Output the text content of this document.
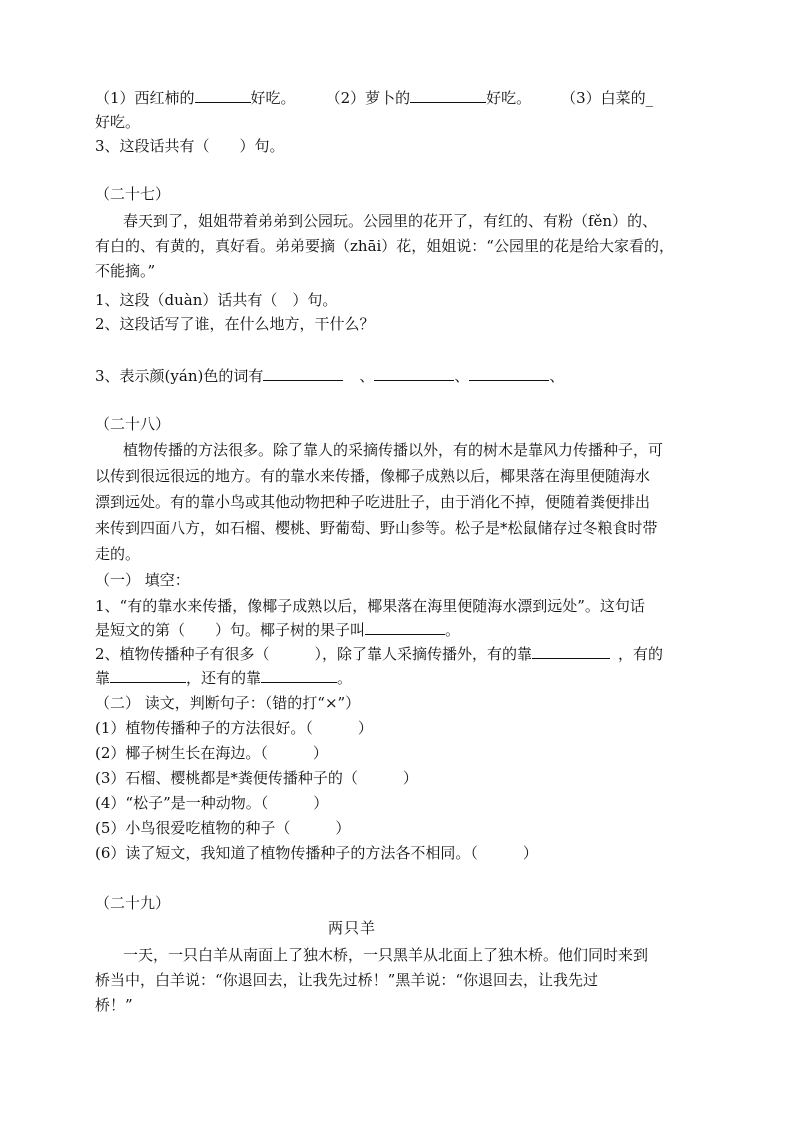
（1）西红柿的	好吃。 （2）萝卜的	好吃。 （3）白菜的_
好吃。
3、这段话共有（　　）句。
（二十七）
春天到了，姐姐带着弟弟到公园玩。公园里的花开了，有红的、有粉（fěn）的、
有白的、有黄的，真好看。弟弟要摘（zhāi）花，姐姐说：“公园里的花是给大家看的，
不能摘。”
1、这段（duàn）话共有（　）句。
2、这段话写了谁，在什么地方，干什么？
3、表示颜(yán)色的词有	、	、	、
（二十八）
植物传播的方法很多。除了靠人的采摘传播以外，有的树木是靠风力传播种子，可
以传到很远很远的地方。有的靠水来传播，像椰子成熟以后，椰果落在海里便随海水
漂到远处。有的靠小鸟或其他动物把种子吃进肚子，由于消化不掉，便随着粪便排出
来传到四面八方，如石榴、樱桃、野葡萄、野山参等。松子是*松鼠储存过冬粮食时带
走的。
（一） 填空：
1、“有的靠水来传播，像椰子成熟以后，椰果落在海里便随海水漂到远处”。这句话
是短文的第（　　）句。椰子树的果子叫	。
2、植物传播种子有很多（　　　），除了靠人采摘传播外，有的靠	，有的
靠	，还有的靠	。
（二） 读文，判断句子：（错的打“×”）
(1）植物传播种子的方法很好。（　　　）
(2）椰子树生长在海边。（　　　）
(3）石榴、樱桃都是*粪便传播种子的（　　　）
(4）“松子”是一种动物。（　　　）
(5）小鸟很爱吃植物的种子（　　　）
(6）读了短文，我知道了植物传播种子的方法各不相同。（　　　）
（二十九）
两只羊
一天，一只白羊从南面上了独木桥，一只黑羊从北面上了独木桥。他们同时来到
桥当中，白羊说：“你退回去，让我先过桥！”黑羊说：“你退回去，让我先过
桥！”
